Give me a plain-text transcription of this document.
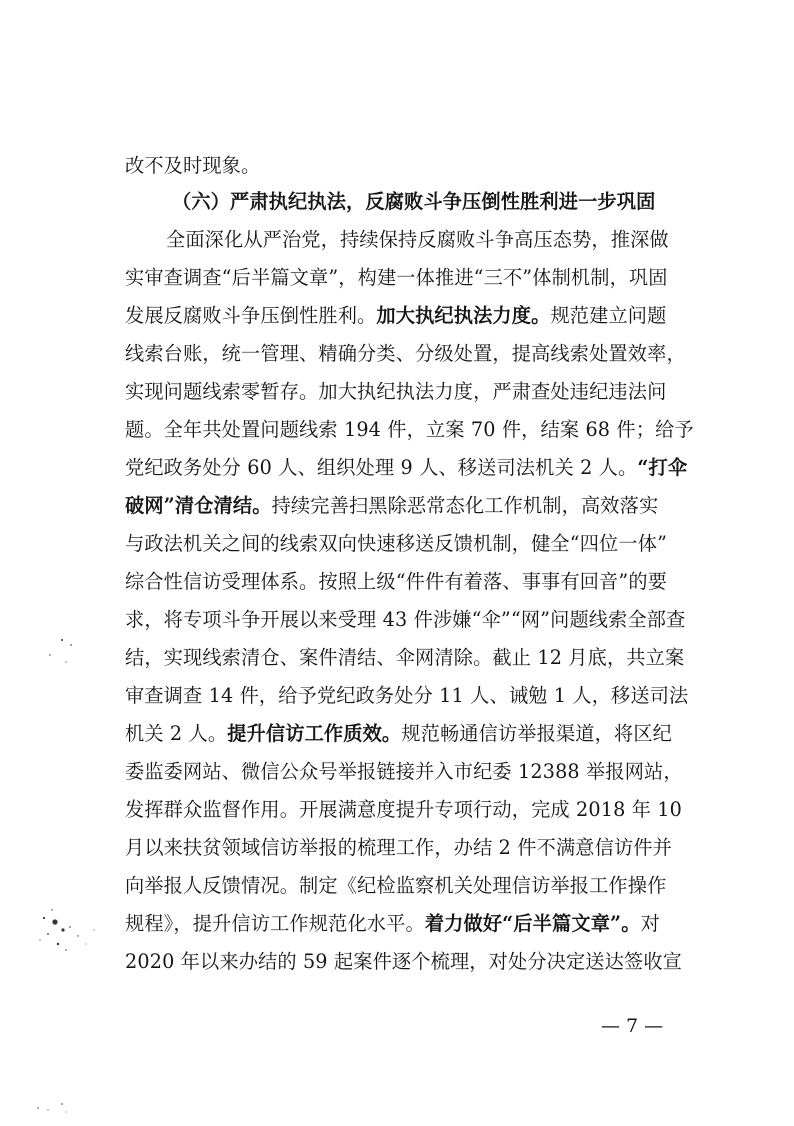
改不及时现象。
（六）严肃执纪执法，反腐败斗争压倒性胜利进一步巩固
全面深化从严治党，持续保持反腐败斗争高压态势，推深做
实审查调查“后半篇文章”，构建一体推进“三不”体制机制，巩固
发展反腐败斗争压倒性胜利。加大执纪执法力度。规范建立问题
线索台账，统一管理、精确分类、分级处置，提高线索处置效率，
实现问题线索零暂存。加大执纪执法力度，严肃查处违纪违法问
题。全年共处置问题线索 194 件，立案 70 件，结案 68 件；给予
党纪政务处分 60 人、组织处理 9 人、移送司法机关 2 人。“打伞
破网”清仓清结。持续完善扫黑除恶常态化工作机制，高效落实
与政法机关之间的线索双向快速移送反馈机制，健全“四位一体”
综合性信访受理体系。按照上级“件件有着落、事事有回音”的要
求，将专项斗争开展以来受理 43 件涉嫌“伞”“网”问题线索全部查
结，实现线索清仓、案件清结、伞网清除。截止 12 月底，共立案
审查调查 14 件，给予党纪政务处分 11 人、诫勉 1 人，移送司法
机关 2 人。提升信访工作质效。规范畅通信访举报渠道，将区纪
委监委网站、微信公众号举报链接并入市纪委 12388 举报网站，
发挥群众监督作用。开展满意度提升专项行动，完成 2018 年 10
月以来扶贫领域信访举报的梳理工作，办结 2 件不满意信访件并
向举报人反馈情况。制定《纪检监察机关处理信访举报工作操作
规程》，提升信访工作规范化水平。着力做好“后半篇文章”。对
2020 年以来办结的 59 起案件逐个梳理，对处分决定送达签收宣
— 7 —
